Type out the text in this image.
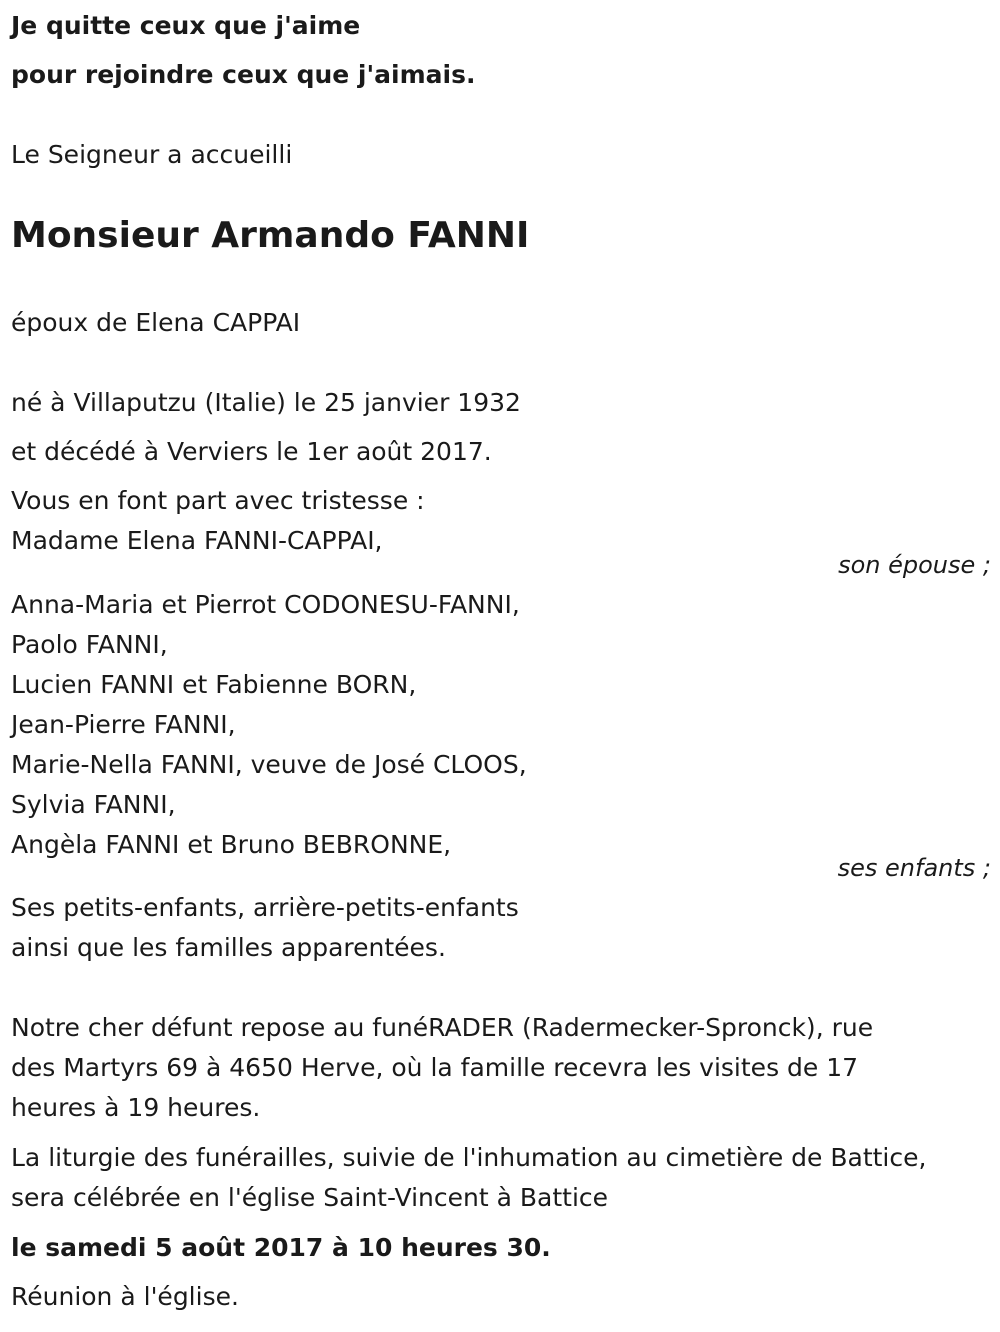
Je quitte ceux que j'aime
pour rejoindre ceux que j'aimais.
Le Seigneur a accueilli
Monsieur Armando FANNI
époux de Elena CAPPAI
né à Villaputzu (Italie) le 25 janvier 1932
et décédé à Verviers le 1er août 2017.
Vous en font part avec tristesse :
Madame Elena FANNI-CAPPAI,
son épouse ;
Anna-Maria et Pierrot CODONESU-FANNI,
Paolo FANNI,
Lucien FANNI et Fabienne BORN,
Jean-Pierre FANNI,
Marie-Nella FANNI, veuve de José CLOOS,
Sylvia FANNI,
Angèla FANNI et Bruno BEBRONNE,
ses enfants ;
Ses petits-enfants, arrière-petits-enfants
ainsi que les familles apparentées.
Notre cher défunt repose au funéRADER (Radermecker-Spronck), rue
des Martyrs 69 à 4650 Herve, où la famille recevra les visites de 17
heures à 19 heures.
La liturgie des funérailles, suivie de l'inhumation au cimetière de Battice,
sera célébrée en l'église Saint-Vincent à Battice
le samedi 5 août 2017 à 10 heures 30.
Réunion à l'église.
